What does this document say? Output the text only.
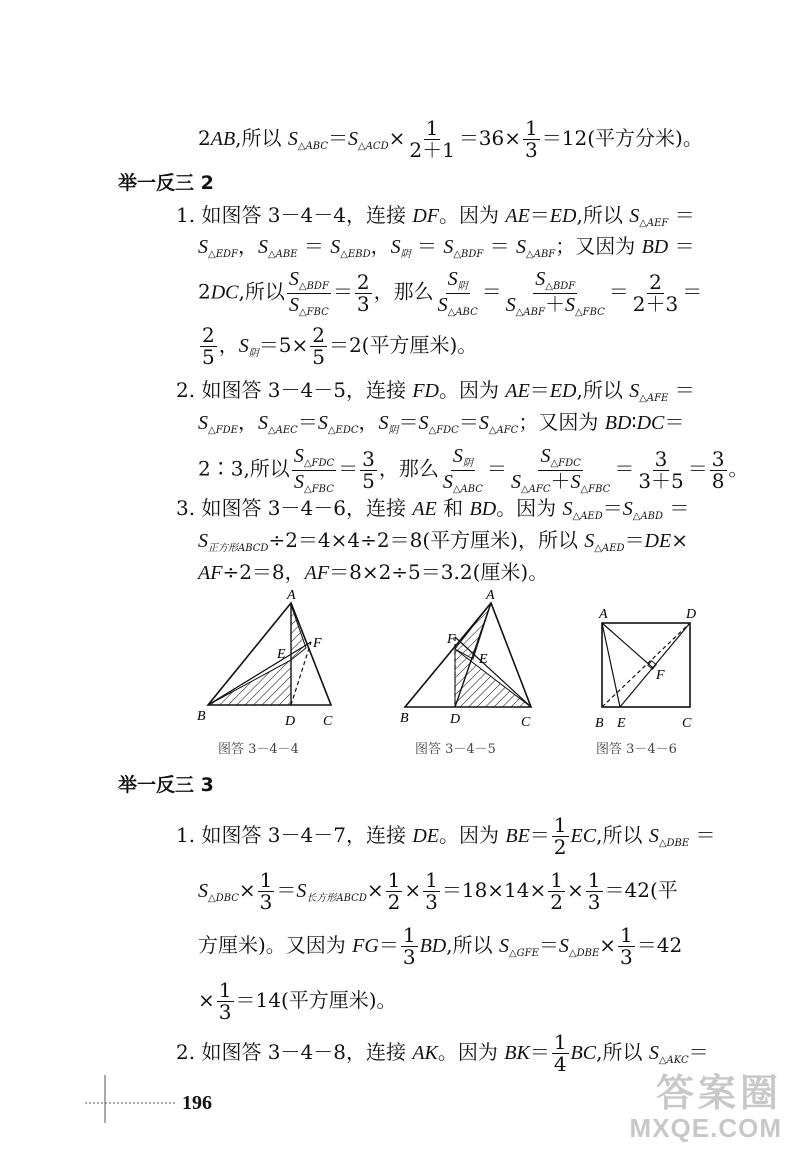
2AB,所以 $S_{\triangle ABC}=S_{\triangle ACD}\times \frac{1}{2+1} =36\times \frac{1}{3} =12$(平方分米)。
举一反三 2
1. 如图答 3－4－4，连接 DF。因为 AE＝ED,所以 $S_{\triangle AEF}$ ＝
$S_{\triangle EDF}$，$S_{\triangle ABE} = S_{\triangle EBD}$，$S_阴 = S_{\triangle BDF} = S_{\triangle ABF}$；又因为 BD ＝
2DC,所以
$S_{\triangle BDF}$
$S_{\triangle FBC}$
＝ $\frac{2}{3}$ ，那么
$S_阴$
$S_{\triangle ABC}$
＝
$S_{\triangle BDF}$
$S_{\triangle ABF}+S_{\triangle FBC}$
＝ $\frac{2}{2+3}$ ＝
$\frac{2}{5}$ ，$S_阴=5\times \frac{2}{5} =2$(平方厘米)。
2. 如图答 3－4－5，连接 FD。因为 AE＝ED,所以 $S_{\triangle AFE}$ ＝
$S_{\triangle FDE}$，$S_{\triangle AEC}=S_{\triangle EDC}$，$S_阴=S_{\triangle FDC}=S_{\triangle AFC}$；又因为 BD∶DC＝
2∶3,所以
$S_{\triangle FDC}$
$S_{\triangle FBC}$
＝ $\frac{3}{5}$ ，那么
$S_阴$
$S_{\triangle ABC}$
＝
$S_{\triangle FDC}$
$S_{\triangle AFC}+S_{\triangle FBC}$
＝ $\frac{3}{3+5} = \frac{3}{8}$ 。
3. 如图答 3－4－6，连接 AE 和 BD。因为 $S_{\triangle AED}=S_{\triangle ABD}$ ＝
$S_{正方形ABCD}\div 2=4\times 4\div 2=8$(平方厘米)，所以 $S_{\triangle AED}=DE\times$
AF÷2＝8，AF＝8×2÷5＝3.2(厘米)。
A
B	D C
E
F
图答 3－4－4
A
B	D	C
F
E
图答 3－4－5
A	D
F
B E	C
图答 3－4－6
举一反三 3
1. 如图答 3－4－7，连接 DE。因为 $BE= \frac{1}{2}$ EC,所以 $S_{\triangle DBE}$ ＝
$S_{\triangle DBC}\times \frac{1}{3} =S_{长方形ABCD}\times \frac{1}{2} \times \frac{1}{3} =18\times 14\times \frac{1}{2} \times \frac{1}{3} =42$(平
方厘米)。又因为 $FG= \frac{1}{3}$ BD,所以 $S_{\triangle GFE}=S_{\triangle DBE}\times \frac{1}{3} =42$
× $\frac{1}{3} =14$(平方厘米)。
2. 如图答 3－4－8，连接 AK。因为 $BK= \frac{1}{4}$ BC,所以 $S_{\triangle AKC}=$
196	答案圈
MXQE.COM
